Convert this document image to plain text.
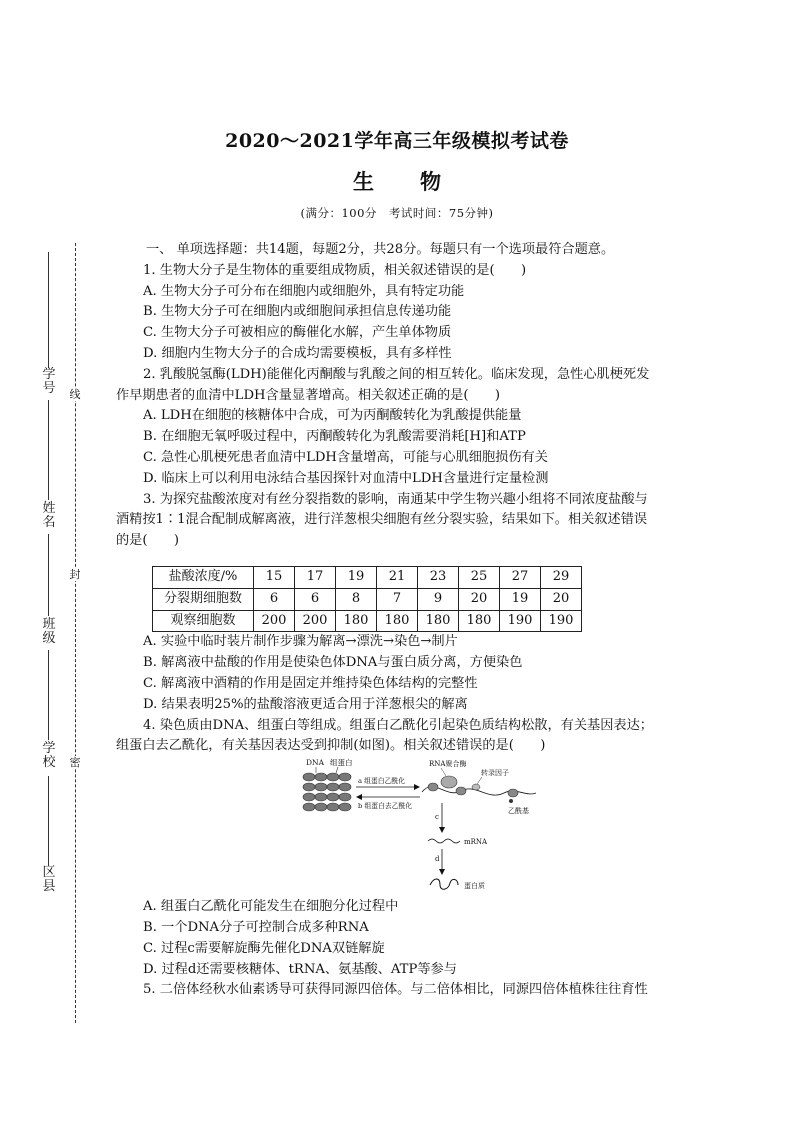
2020～2021学年高三年级模拟考试卷
生物
(满分：100分　考试时间：75分钟)
学
号
姓
名
班
级
学
校
区
县
线
封
密
一、 单项选择题：共14题，每题2分，共28分。每题只有一个选项最符合题意。
1. 生物大分子是生物体的重要组成物质，相关叙述错误的是(　　)
A. 生物大分子可分布在细胞内或细胞外，具有特定功能
B. 生物大分子可在细胞内或细胞间承担信息传递功能
C. 生物大分子可被相应的酶催化水解，产生单体物质
D. 细胞内生物大分子的合成均需要模板，具有多样性
2. 乳酸脱氢酶(LDH)能催化丙酮酸与乳酸之间的相互转化。临床发现，急性心肌梗死发
作早期患者的血清中LDH含量显著增高。相关叙述正确的是(　　)
A. LDH在细胞的核糖体中合成，可为丙酮酸转化为乳酸提供能量
B. 在细胞无氧呼吸过程中，丙酮酸转化为乳酸需要消耗[H]和ATP
C. 急性心肌梗死患者血清中LDH含量增高，可能与心肌细胞损伤有关
D. 临床上可以利用电泳结合基因探针对血清中LDH含量进行定量检测
3. 为探究盐酸浓度对有丝分裂指数的影响，南通某中学生物兴趣小组将不同浓度盐酸与
酒精按1∶1混合配制成解离液，进行洋葱根尖细胞有丝分裂实验，结果如下。相关叙述错误
的是(　　)
盐酸浓度/%	15	17	19	21	23	25	27	29
分裂期细胞数	6	6	8	7	9	20	19	20
观察细胞数	200	200	180	180	180	180	190	190
A. 实验中临时装片制作步骤为解离→漂洗→染色→制片
B. 解离液中盐酸的作用是使染色体DNA与蛋白质分离，方便染色
C. 解离液中酒精的作用是固定并维持染色体结构的完整性
D. 结果表明25%的盐酸溶液更适合用于洋葱根尖的解离
4. 染色质由DNA、组蛋白等组成。组蛋白乙酰化引起染色质结构松散，有关基因表达；
组蛋白去乙酰化，有关基因表达受到抑制(如图)。相关叙述错误的是(　　)
DNA 组蛋白
a 组蛋白乙酰化
b 组蛋白去乙酰化
RNA聚合酶
转录因子
乙酰基
c
mRNA
d
蛋白质
A. 组蛋白乙酰化可能发生在细胞分化过程中
B. 一个DNA分子可控制合成多种RNA
C. 过程c需要解旋酶先催化DNA双链解旋
D. 过程d还需要核糖体、tRNA、氨基酸、ATP等参与
5. 二倍体经秋水仙素诱导可获得同源四倍体。与二倍体相比，同源四倍体植株往往育性
